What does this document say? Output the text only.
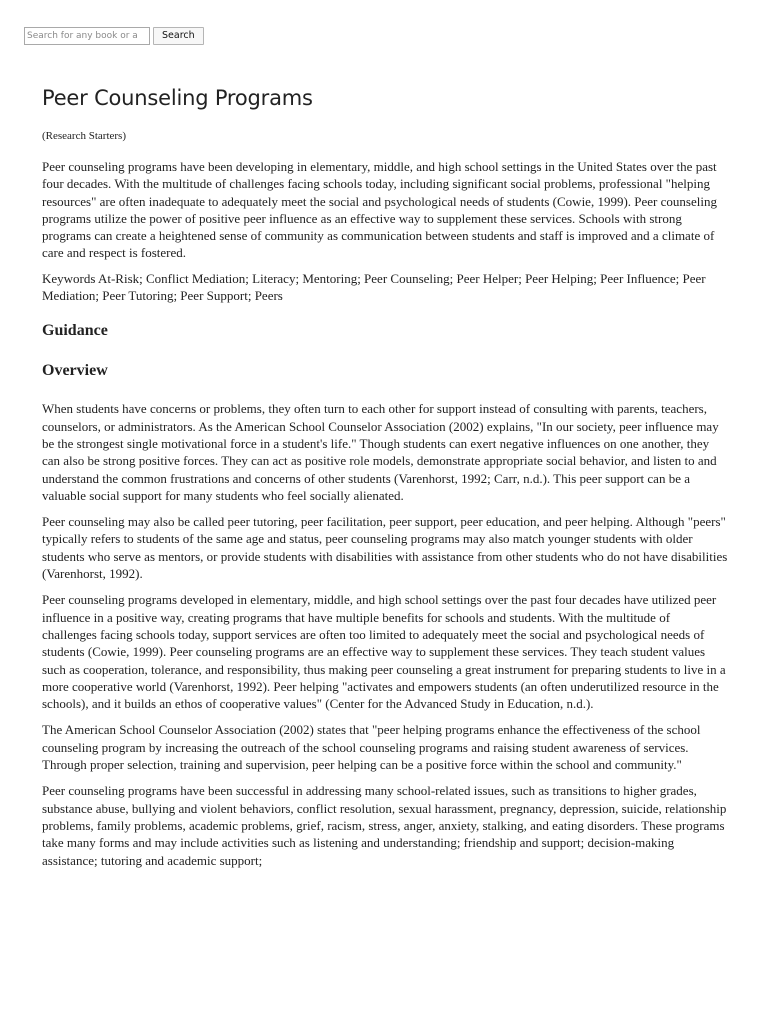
Search for any book or a
Search
Peer Counseling Programs
(Research Starters)

Peer counseling programs have been developing in elementary, middle, and high school settings in the United States over the past four decades. With the multitude of challenges facing schools today, including significant social problems, professional "helping resources" are often inadequate to adequately meet the social and psychological needs of students (Cowie, 1999). Peer counseling programs utilize the power of positive peer influence as an effective way to supplement these services. Schools with strong programs can create a heightened sense of community as communication between students and staff is improved and a climate of care and respect is fostered.

Keywords At-Risk; Conflict Mediation; Literacy; Mentoring; Peer Counseling; Peer Helper; Peer Helping; Peer Influence; Peer Mediation; Peer Tutoring; Peer Support; Peers

Guidance
Overview

When students have concerns or problems, they often turn to each other for support instead of consulting with parents, teachers, counselors, or administrators. As the American School Counselor Association (2002) explains, "In our society, peer influence may be the strongest single motivational force in a student's life." Though students can exert negative influences on one another, they can also be strong positive forces. They can act as positive role models, demonstrate appropriate social behavior, and listen to and understand the common frustrations and concerns of other students (Varenhorst, 1992; Carr, n.d.). This peer support can be a valuable social support for many students who feel socially alienated.

Peer counseling may also be called peer tutoring, peer facilitation, peer support, peer education, and peer helping. Although "peers" typically refers to students of the same age and status, peer counseling programs may also match younger students with older students who serve as mentors, or provide students with disabilities with assistance from other students who do not have disabilities (Varenhorst, 1992).

Peer counseling programs developed in elementary, middle, and high school settings over the past four decades have utilized peer influence in a positive way, creating programs that have multiple benefits for schools and students. With the multitude of challenges facing schools today, support services are often too limited to adequately meet the social and psychological needs of students (Cowie, 1999). Peer counseling programs are an effective way to supplement these services. They teach student values such as cooperation, tolerance, and responsibility, thus making peer counseling a great instrument for preparing students to live in a more cooperative world (Varenhorst, 1992). Peer helping "activates and empowers students (an often underutilized resource in the schools), and it builds an ethos of cooperative values" (Center for the Advanced Study in Education, n.d.).

The American School Counselor Association (2002) states that "peer helping programs enhance the effectiveness of the school counseling program by increasing the outreach of the school counseling programs and raising student awareness of services. Through proper selection, training and supervision, peer helping can be a positive force within the school and community."

Peer counseling programs have been successful in addressing many school-related issues, such as transitions to higher grades, substance abuse, bullying and violent behaviors, conflict resolution, sexual harassment, pregnancy, depression, suicide, relationship problems, family problems, academic problems, grief, racism, stress, anger, anxiety, stalking, and eating disorders. These programs take many forms and may include activities such as listening and understanding; friendship and support; decision-making assistance; tutoring and academic support;
